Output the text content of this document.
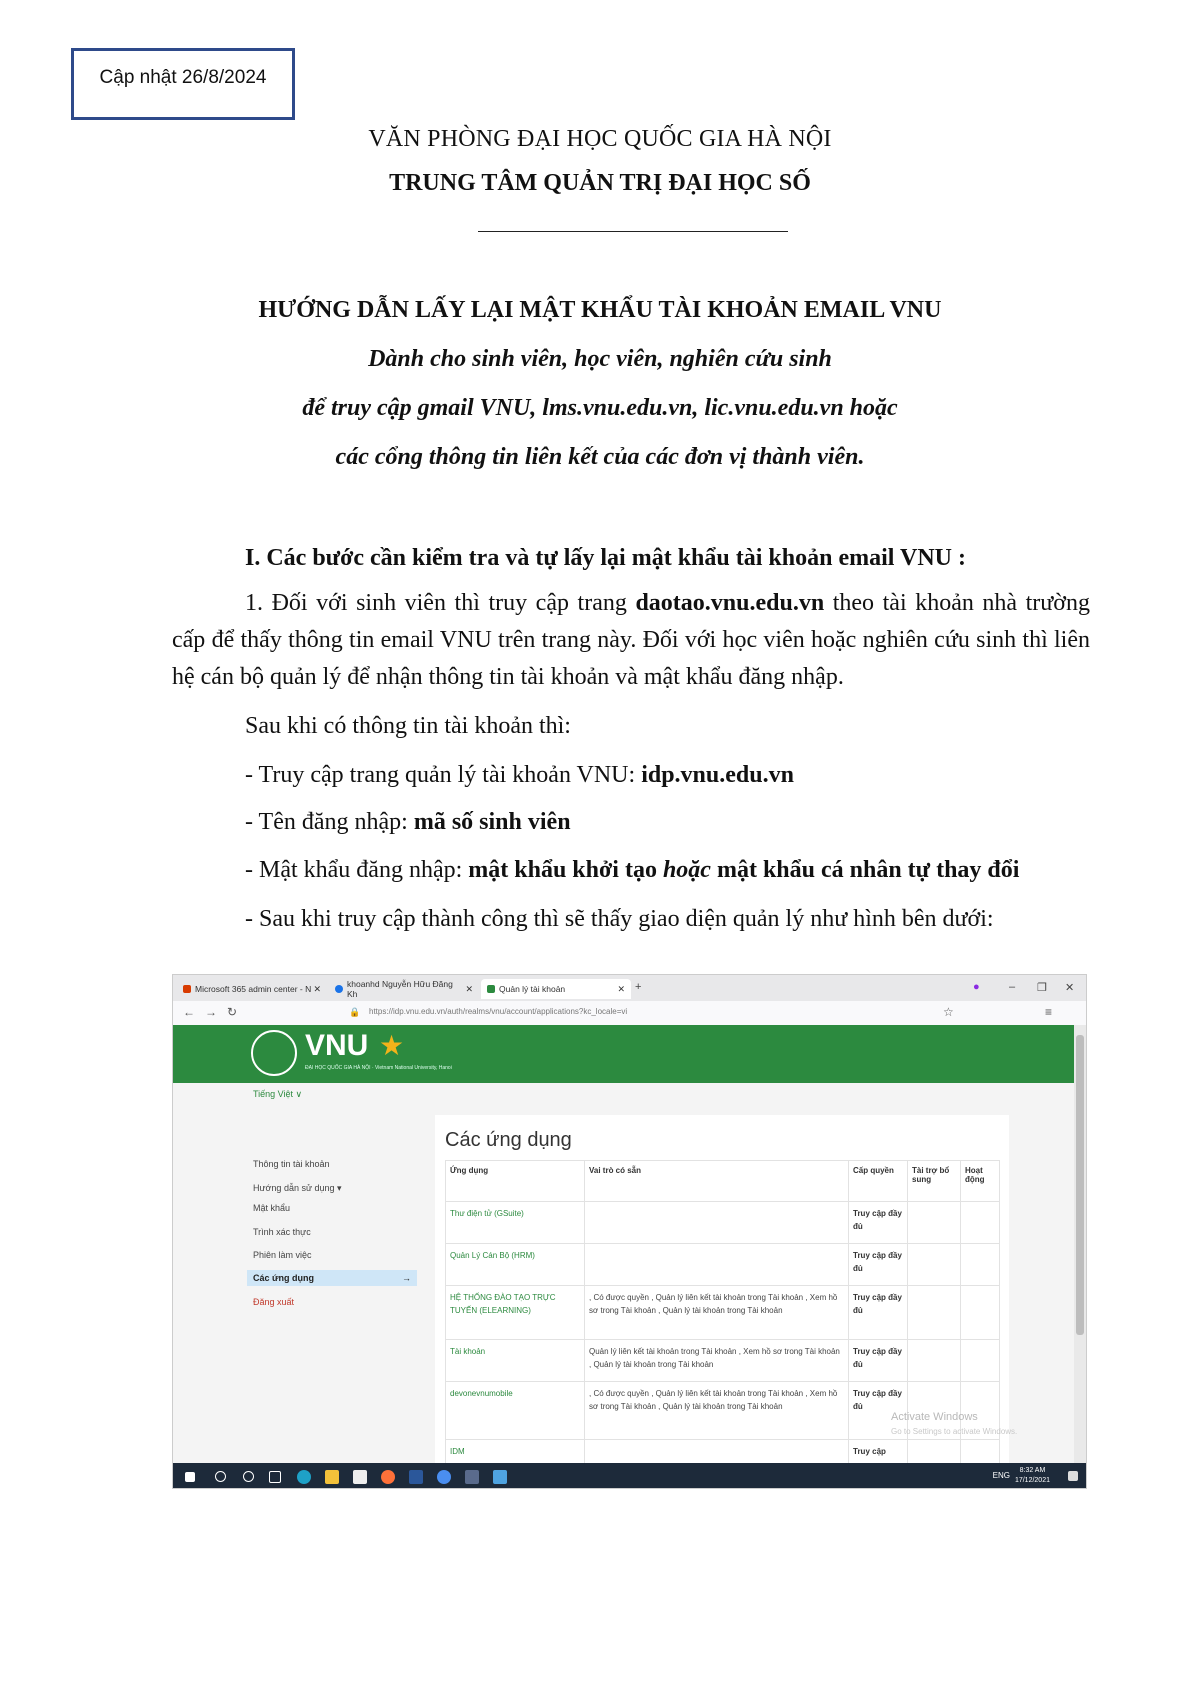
Cập nhật 26/8/2024
VĂN PHÒNG ĐẠI HỌC QUỐC GIA HÀ NỘI
TRUNG TÂM QUẢN TRỊ ĐẠI HỌC SỐ
HƯỚNG DẪN LẤY LẠI MẬT KHẨU TÀI KHOẢN EMAIL VNU
Dành cho sinh viên, học viên, nghiên cứu sinh
để truy cập gmail VNU, lms.vnu.edu.vn, lic.vnu.edu.vn hoặc
các cổng thông tin liên kết của các đơn vị thành viên.
I. Các bước cần kiểm tra và tự lấy lại mật khẩu tài khoản email VNU :
1. Đối với sinh viên thì truy cập trang daotao.vnu.edu.vn theo tài khoản nhà trường cấp để thấy thông tin email VNU trên trang này. Đối với học viên hoặc nghiên cứu sinh thì liên hệ cán bộ quản lý để nhận thông tin tài khoản và mật khẩu đăng nhập.
Sau khi có thông tin tài khoản thì:
- Truy cập trang quản lý tài khoản VNU: idp.vnu.edu.vn
- Tên đăng nhập: mã số sinh viên
- Mật khẩu đăng nhập: mật khẩu khởi tạo hoặc mật khẩu cá nhân tự thay đổi
- Sau khi truy cập thành công thì sẽ thấy giao diện quản lý như hình bên dưới:
Microsoft 365 admin center - N ✕	khoanhd Nguyễn Hữu Đăng Kh
✕	Quản lý tài khoản	✕ +	●	– ❐ ✕
← → ↻	🔒 https://idp.vnu.edu.vn/auth/realms/vnu/account/applications?kc_locale=vi	☆	≡
VNU ★
ĐẠI HỌC QUỐC GIA HÀ NỘI · Vietnam National University, Hanoi
Tiếng Việt ∨
Thông tin tài khoản
Hướng dẫn sử dụng ▾
Mật khẩu
Trình xác thực
Phiên làm việc
Các ứng dụng	→
Đăng xuất
Các ứng dụng
Ứng dụng	Vai trò có sẵn	Cấp quyền	Tài trợ bổ sung	Hoạt động
Thư điện tử (GSuite)		Truy cập đầy đủ		
Quản Lý Cán Bộ (HRM)		Truy cập đầy đủ		
HỆ THỐNG ĐÀO TẠO TRỰC TUYẾN (ELEARNING)	, Có được quyền , Quản lý liên kết tài khoản trong Tài khoản , Xem hồ sơ trong Tài khoản , Quản lý tài khoản trong Tài khoản	Truy cập đầy đủ		
Tài khoản	Quản lý liên kết tài khoản trong Tài khoản , Xem hồ sơ trong Tài khoản , Quản lý tài khoản trong Tài khoản	Truy cập đầy đủ		
devonevnumobile	, Có được quyền , Quản lý liên kết tài khoản trong Tài khoản , Xem hồ sơ trong Tài khoản , Quản lý tài khoản trong Tài khoản	Truy cập đầy đủ		
IDM		Truy cập		
Activate Windows
Go to Settings to activate Windows.
ENG
8:32 AM
17/12/2021
